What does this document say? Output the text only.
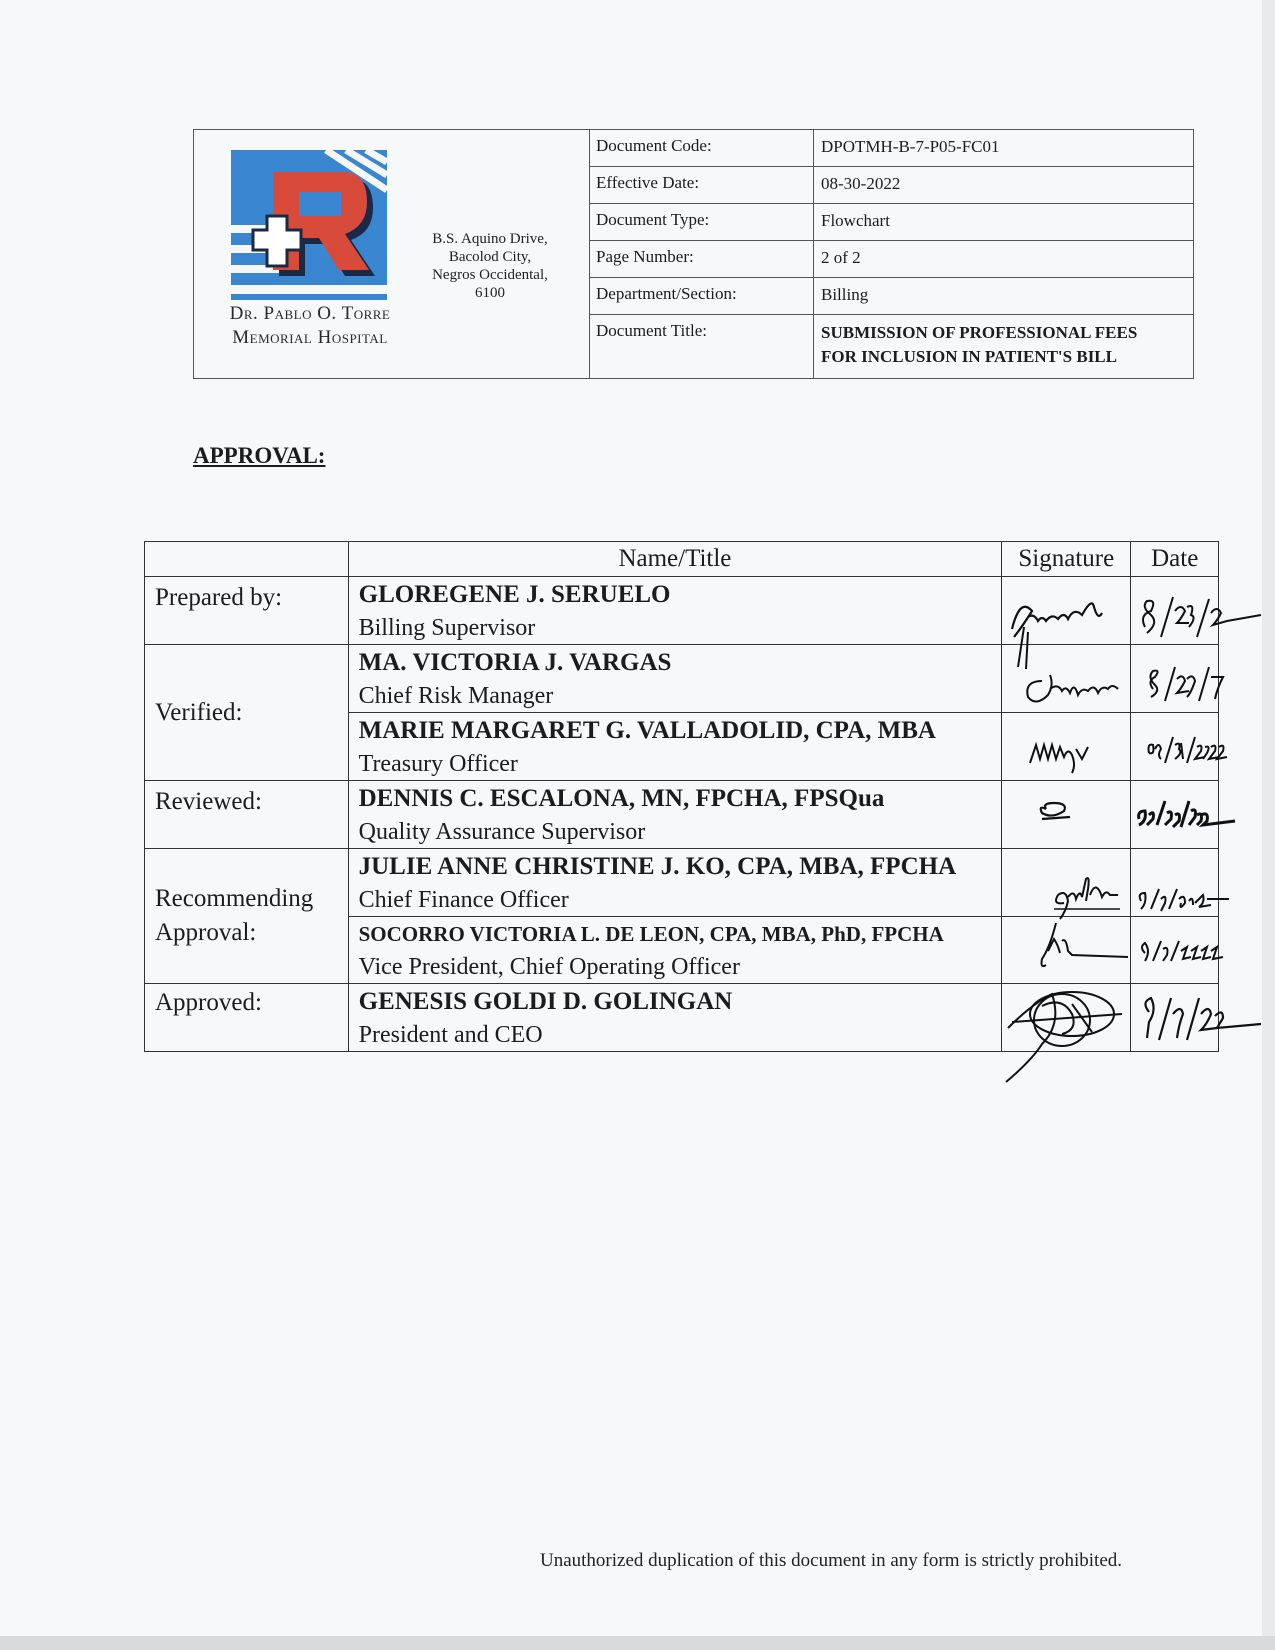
Dr. Pablo O. Torre
Memorial Hospital
B.S. Aquino Drive,
Bacolod City,
Negros Occidental,
6100
Document Code:	DPOTMH-B-7-P05-FC01
Effective Date:	08-30-2022
Document Type:	Flowchart
Page Number:	2 of 2
Department/Section:	Billing
Document Title:	SUBMISSION OF PROFESSIONAL FEES
FOR INCLUSION IN PATIENT'S BILL
APPROVAL:
	Name/Title	Signature	Date
Prepared by:	GLOREGENE J. SERUELO
Billing Supervisor

Verified:	MA. VICTORIA J. VARGAS
Chief Risk Manager

	MARIE MARGARET G. VALLADOLID, CPA, MBA
Treasury Officer

Reviewed:	DENNIS C. ESCALONA, MN, FPCHA, FPSQua
Quality Assurance Supervisor

Recommending
Approval:	JULIE ANNE CHRISTINE J. KO, CPA, MBA, FPCHA
Chief Finance Officer

	SOCORRO VICTORIA L. DE LEON, CPA, MBA, PhD, FPCHA
Vice President, Chief Operating Officer

Approved:	GENESIS GOLDI D. GOLINGAN
President and CEO

Unauthorized duplication of this document in any form is strictly prohibited.
